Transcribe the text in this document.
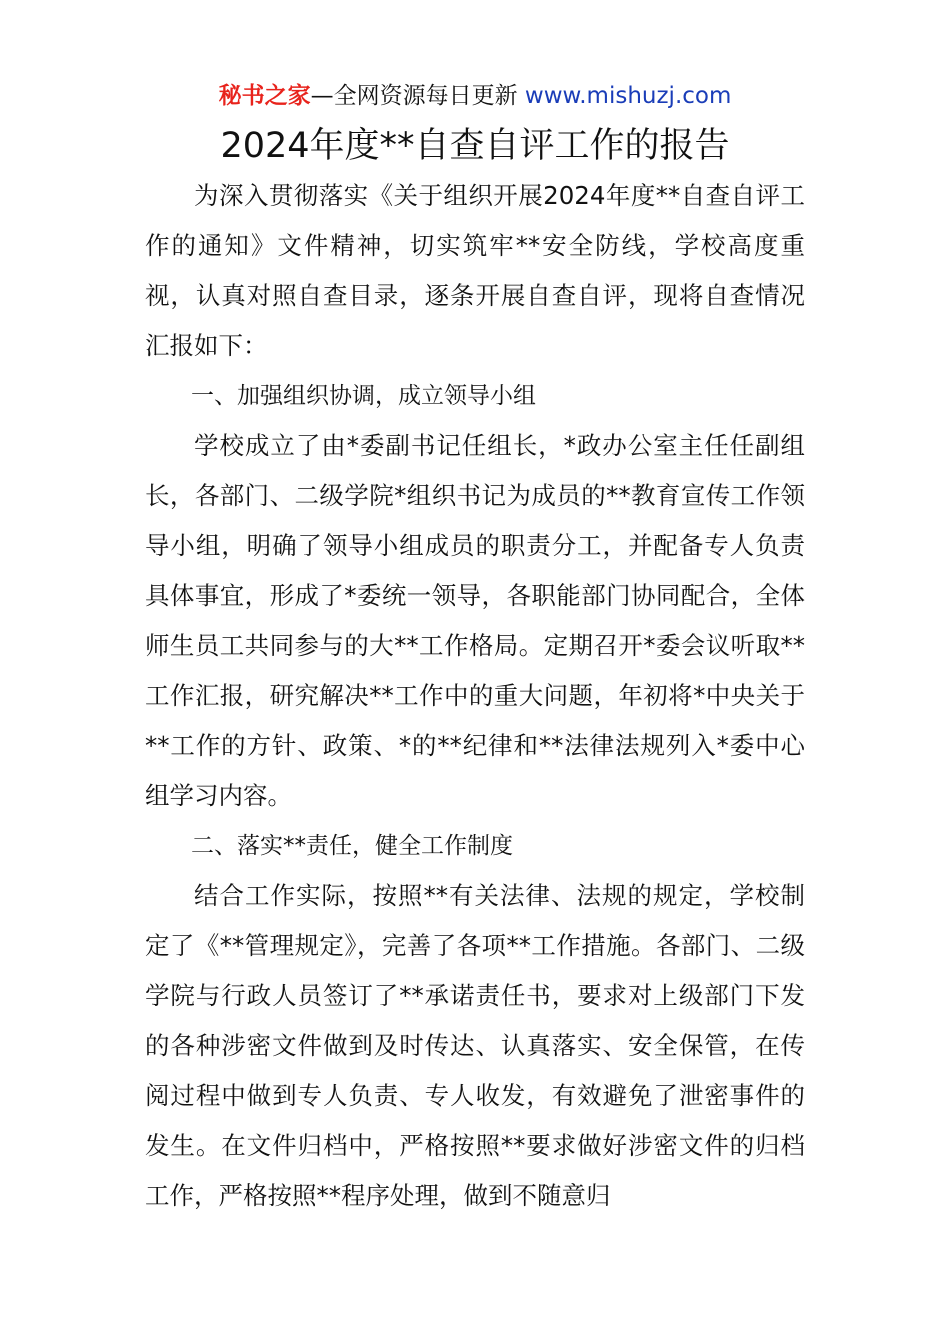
秘书之家—全网资源每日更新 www.mishuzj.com
2024年度**自查自评工作的报告

为深入贯彻落实《关于组织开展2024年度**自查自评工作的通知》文件精神，切实筑牢**安全防线，学校高度重视，认真对照自查目录，逐条开展自查自评，现将自查情况汇报如下：

一、加强组织协调，成立领导小组

学校成立了由*委副书记任组长，*政办公室主任任副组长，各部门、二级学院*组织书记为成员的**教育宣传工作领导小组，明确了领导小组成员的职责分工，并配备专人负责具体事宜，形成了*委统一领导，各职能部门协同配合，全体师生员工共同参与的大**工作格局。定期召开*委会议听取**工作汇报，研究解决**工作中的重大问题，年初将*中央关于**工作的方针、政策、*的**纪律和**法律法规列入*委中心组学习内容。

二、落实**责任，健全工作制度

结合工作实际，按照**有关法律、法规的规定，学校制定了《**管理规定》，完善了各项**工作措施。各部门、二级学院与行政人员签订了**承诺责任书，要求对上级部门下发的各种涉密文件做到及时传达、认真落实、安全保管，在传阅过程中做到专人负责、专人收发，有效避免了泄密事件的发生。在文件归档中，严格按照**要求做好涉密文件的归档工作，严格按照**程序处理，做到不随意归
